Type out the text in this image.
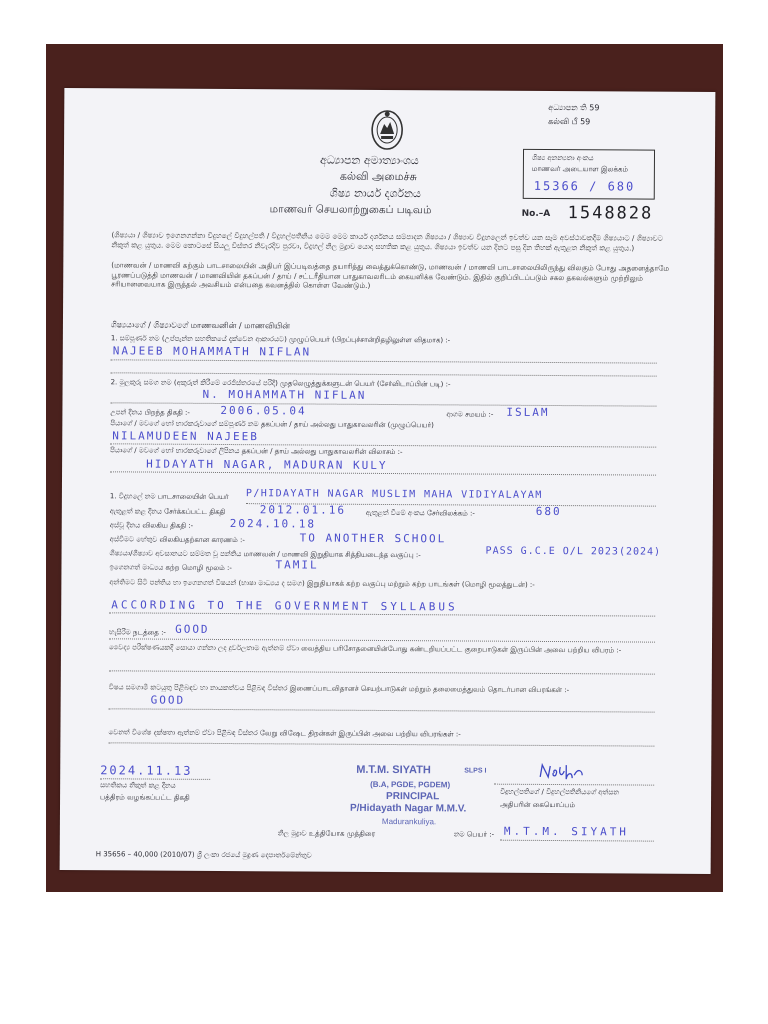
අධ්‍යාපන ති 59
கல்வி பீ 59
අධ්‍යාපන අමාත්‍යාංශය
கல்வி அமைச்சு
ශිෂ්‍ය නාර්ය දර්ශනය
மாணவர் செயலாற்றுகைப் படிவம்	No.–A 1548828
ශිෂ්‍ය අනන්‍යතා අංකය
மாணவர் அடையாள இலக்கம்
15366 / 680
(ශිෂ්‍යයා / ශිෂ්‍යාව ඉගෙනගන්නා විදුහලේ විදුහල්පති / විදුහල්පතිනිය මෙම මෙම කාර්ය දර්ශනය සම්පාදන ශිෂ්‍යයා / ශිෂ්‍යාව විදුහලෙන් ඉවත්ව යන සෑම අවස්ථාවකදීම ශිෂ්‍යයාට / ශිෂ්‍යාවට නිකුත් කළ යුතුය. මෙම කොටසේ සියලු විස්තර නිවැරදිව පුරවා, විදුහල් නිල මුද්‍රාව යොදා සහතික කළ යුතුය. ශිෂ්‍යයා ඉවත්ව යන දිනට පසු දින තිහක් ඇතුළත නිකුත් කළ යුතුය.)
(மாணவன் / மாணவி கற்கும் பாடசாலையின் அதிபர் இப்படிவத்தை தயாரித்து வைத்துக்கொண்டு, மாணவன் / மாணவி பாடசாலையிலிருந்து விலகும் போது அதனைத்தாமே பூரணப்படுத்தி மாணவன் / மாணவியின் தகப்பன் / தாய் / சட்டரீதியான பாதுகாவலரிடம் கையளிக்க வேண்டும். இதில் குறிப்பிடப்படும் சகல தகவல்களும் முற்றிலும் சரியானவையாக இருத்தல் அவசியம் என்பதை கவனத்தில் கொள்ள வேண்டும்.)
ශිෂ්‍යයාගේ / ශිෂ්‍යාවගේ மாணவனின் / மாணவியின்
1. සම්පූර්ණ නම (උප්පැන්න සහතිකයේ දැක්වෙන ආකාරයට) முழுப்பெயர் (பிறப்புச்சான்றிதழிலுள்ள விதமாக) :-
NAJEEB MOHAMMATH NIFLAN
2. මුලකුරු සමග නම (අකුරුත් කිරීමේ රෙජිස්තරයේ පරිදි) முதலெழுத்துக்களுடன் பெயர் (சேர்விடாப்பின் படி) :-
N. MOHAMMATH NIFLAN
උපන් දිනය பிறந்த திகதி :-	2006.05.04	ආගම சமயம் :- ISLAM
පියාගේ / මවගේ හෝ භාරකරුවාගේ සම්පූර්ණ නම தகப்பன் / தாய் அல்லது பாதுகாவலரின் (முழுப்பெயர்)
NILAMUDEEN NAJEEB
පියාගේ / මවගේ හෝ භාරකරුවාගේ ලිපිනය தகப்பன் / தாய் அல்லது பாதுகாவலரின் விலாசம் :-
HIDAYATH NAGAR, MADURAN KULY
1. විදුහලේ නම பாடசாலையின் பெயர் P/HIDAYATH NAGAR MUSLIM MAHA VIDIYALAYAM
ඇතුළත් කළ දිනය சேர்க்கப்பட்ட திகதி	2012.01.16	ඇතුළත් වීමේ අංකය சேர்விலக்கம் :-	680
අස්වූ දිනය விலகிய திகதி :-	2024.10.18
අස්වීමට හේතුව விலகியதற்கான காரணம் :-	TO ANOTHER SCHOOL
ශිෂ්‍යයා/ශිෂ්‍යාව අවසානයට සම්මත වූ පන්තිය மாணவன் / மாணவி இறுதியாக சித்தியடைந்த வகுப்பு :-	PASS G.C.E O/L 2023(2024)
ඉගෙනගත් මාධ්‍යය கற்ற மொழி மூலம் :-	TAMIL
අන්තිමට සිටි පන්තිය හා ඉගෙනගත් විෂයන් (භාෂා මාධ්‍යය ද සමග) இறுதியாகக் கற்ற வகுப்பு மற்றும் கற்ற பாடங்கள் (மொழி மூலத்துடன்) :-
ACCORDING TO THE GOVERNMENT SYLLABUS
හැසිරීම நடத்தை :- GOOD
වෛද්‍ය පරීක්ෂණයකදී සොයා ගන්නා ලද දුර්වලතාම ඇත්නම් ඒවා வைத்திய பரிசோதனையின்போது கண்டறியப்பட்ட குறைபாடுகள் இருப்பின் அவை பற்றிய விபரம் :-
විෂය සමගාමී කටයුතු පිළිබඳව හා නායකත්වය පිළිබඳ විස්තර இணைப்பாடவிதானச் செயற்பாடுகள் மற்றும் தலைமைத்துவம் தொடர்பான விபரங்கள் :-
GOOD
වෙනත් විශේෂ දක්ෂතා ඇත්නම් ඒවා පිළිබඳ විස්තර வேறு விஷேட திறன்கள் இருப்பின் அவை பற்றிய விபரங்கள் :-
2024.11.13
සහතිකය නිකුත් කළ දිනය
பத்திரம் வழங்கப்பட்ட திகதி
M.T.M. SIYATH	SLPS I
(B.A, PGDE, PGDEM)
PRINCIPAL
P/Hidayath Nagar M.M.V.
Madurankuliya.
විදුහල්පතිගේ / විදුහල්පතිනියගේ අත්සන
அதிபரின் கையொப்பம்
නිල මුද්‍රාව உத்தியோக முத்திரை	නම பெயர் :- M.T.M. SIYATH
H 35656 – 40,000 (2010/07) ශ්‍රී ලංකා රජයේ මුද්‍රණ දෙපාර්තමේන්තුව
